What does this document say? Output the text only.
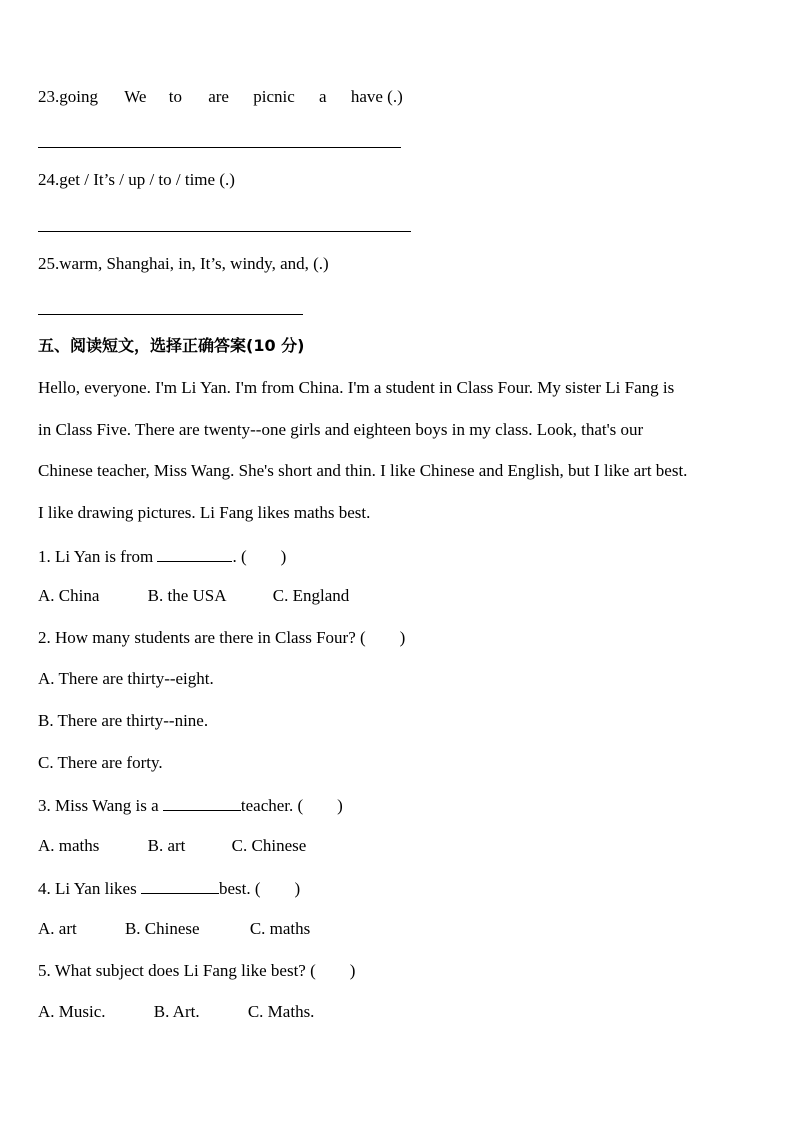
23.going We to are picnic a have (.)
24.get / It’s / up / to / time (.)
25.warm, Shanghai, in, It’s, windy, and, (.)
五、阅读短文，选择正确答案(10 分)
Hello, everyone. I'm Li Yan. I'm from China. I'm a student in Class Four. My sister Li Fang is
in Class Five. There are twenty--one girls and eighteen boys in my class. Look, that's our
Chinese teacher, Miss Wang. She's short and thin. I like Chinese and English, but I like art best.
I like drawing pictures. Li Fang likes maths best.
1. Li Yan is from	. (　　)
A. China	B. the USA	C. England
2. How many students are there in Class Four? (　　)
A. There are thirty--eight.
B. There are thirty--nine.
C. There are forty.
3. Miss Wang is a	teacher. (　　)
A. maths	B. art	C. Chinese
4. Li Yan likes	best. (　　)
A. art	B. Chinese	C. maths
5. What subject does Li Fang like best? (　　)
A. Music.	B. Art.	C. Maths.
